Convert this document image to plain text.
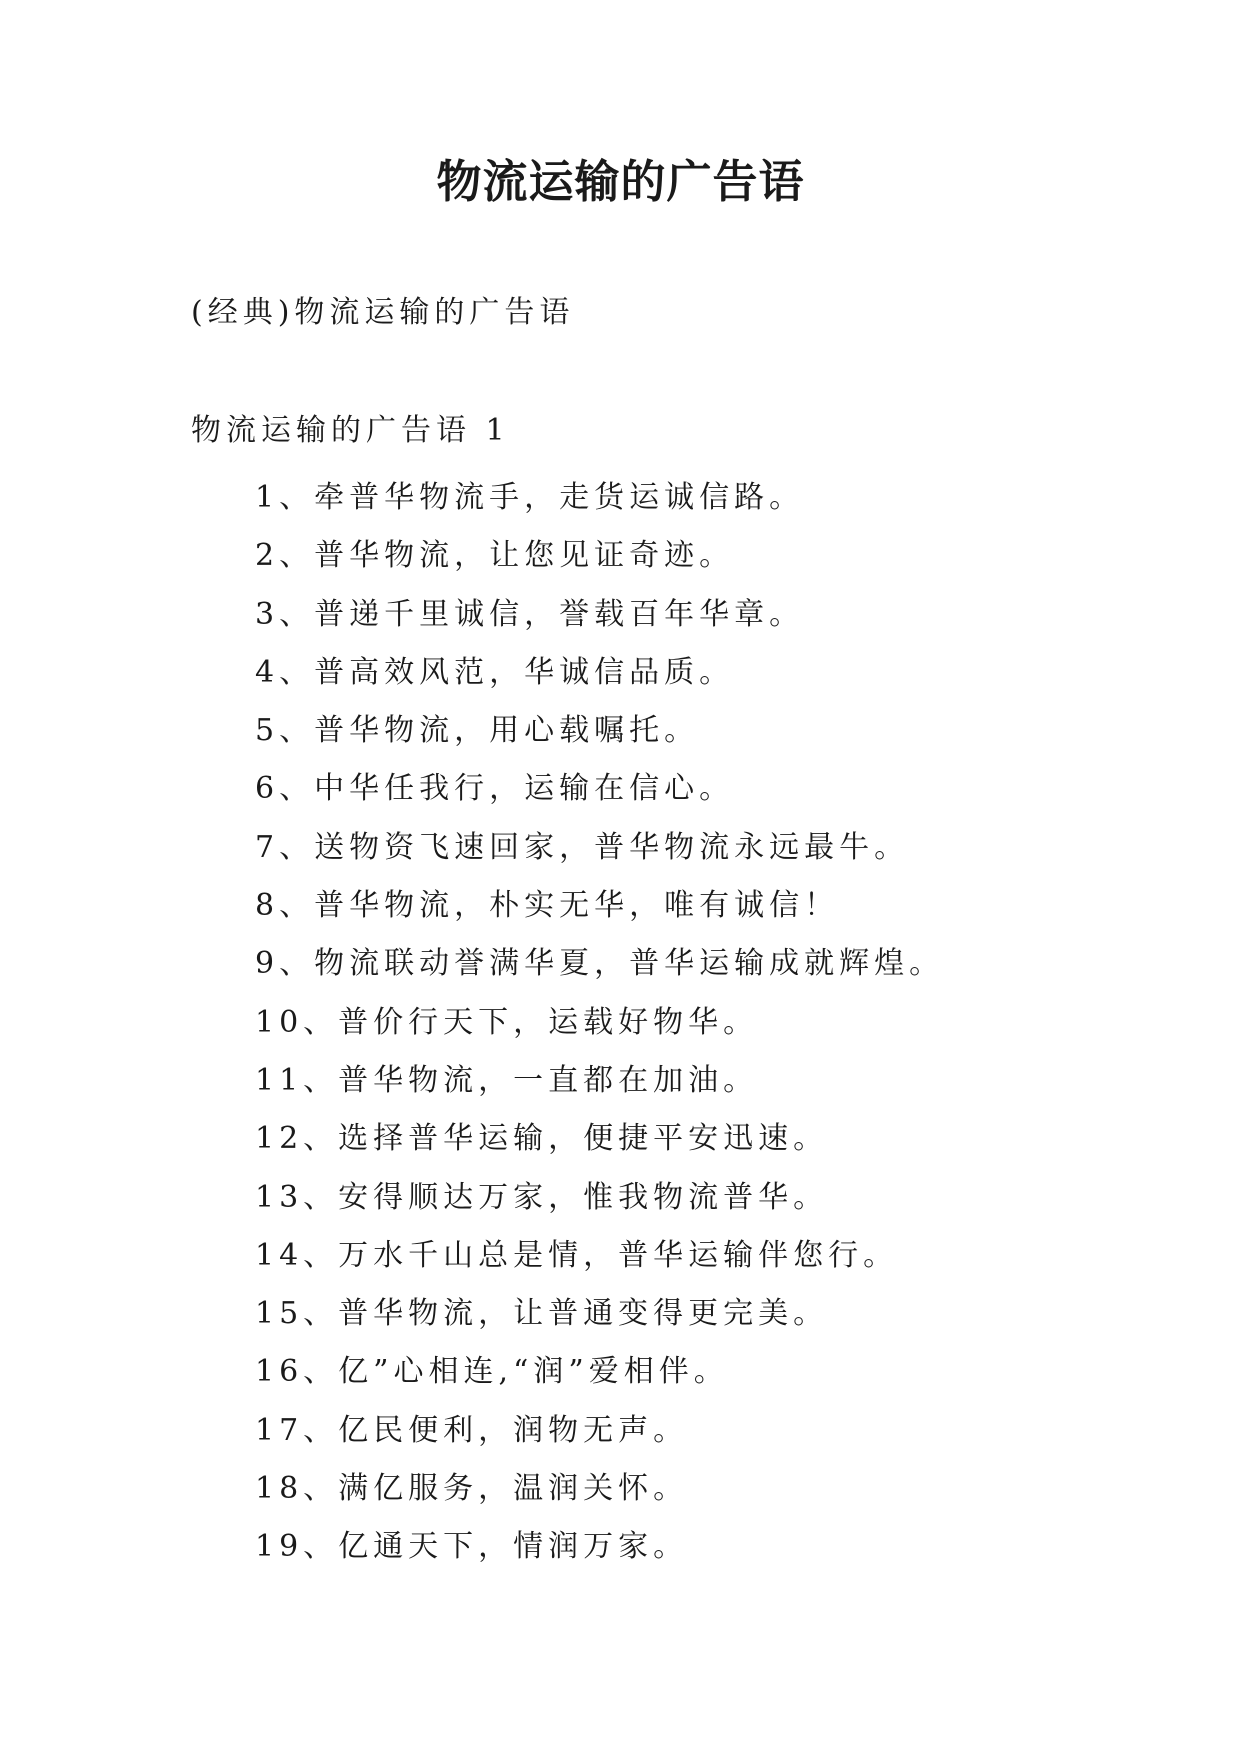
物流运输的广告语

(经典)物流运输的广告语

物流运输的广告语 1

1、牵普华物流手，走货运诚信路。
2、普华物流，让您见证奇迹。
3、普递千里诚信，誉载百年华章。
4、普高效风范，华诚信品质。
5、普华物流，用心载嘱托。
6、中华任我行，运输在信心。
7、送物资飞速回家，普华物流永远最牛。
8、普华物流，朴实无华，唯有诚信！
9、物流联动誉满华夏，普华运输成就辉煌。
10、普价行天下，运载好物华。
11、普华物流，一直都在加油。
12、选择普华运输，便捷平安迅速。
13、安得顺达万家，惟我物流普华。
14、万水千山总是情，普华运输伴您行。
15、普华物流，让普通变得更完美。
16、亿”心相连,“润”爱相伴。
17、亿民便利，润物无声。
18、满亿服务，温润关怀。
19、亿通天下，情润万家。
